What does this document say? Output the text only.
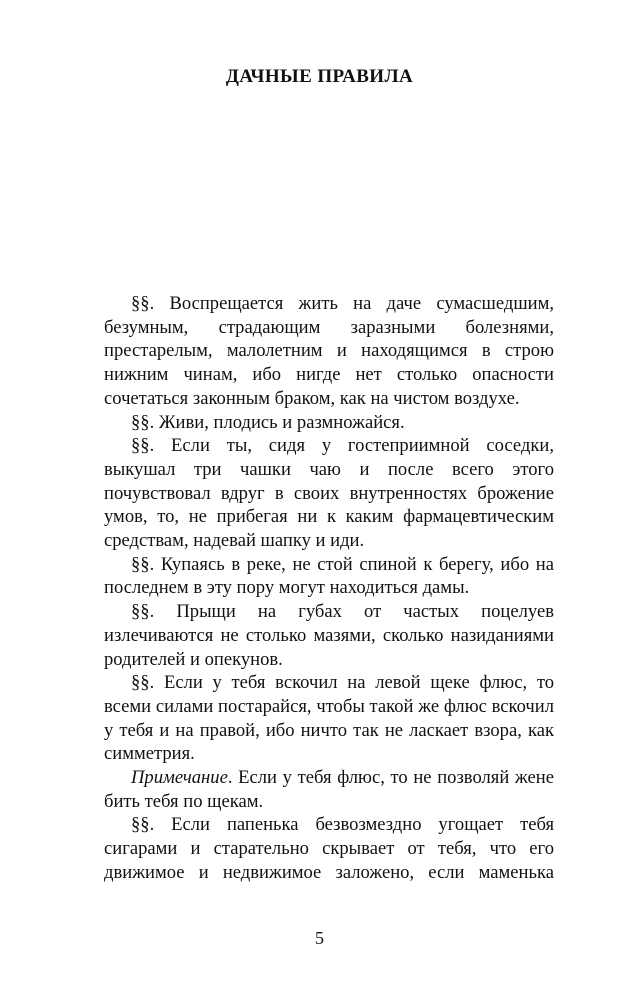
ДАЧНЫЕ ПРАВИЛА

§§. Воспрещается жить на даче сумасшедшим, безумным, страдающим заразными болезнями, престарелым, малолетним и находящимся в строю нижним чинам, ибо нигде нет столько опасности сочетаться законным браком, как на чистом воздухе.

§§. Живи, плодись и размножайся.

§§. Если ты, сидя у гостеприимной соседки, выкушал три чашки чаю и после всего этого почувствовал вдруг в своих внутренностях брожение умов, то, не прибегая ни к каким фармацевтическим средствам, надевай шапку и иди.

§§. Купаясь в реке, не стой спиной к берегу, ибо на последнем в эту пору могут находиться дамы.

§§. Прыщи на губах от частых поцелуев излечиваются не столько мазями, сколько назиданиями родителей и опекунов.

§§. Если у тебя вскочил на левой щеке флюс, то всеми силами постарайся, чтобы такой же флюс вскочил у тебя и на правой, ибо ничто так не ласкает взора, как симметрия.

Примечание. Если у тебя флюс, то не позволяй жене бить тебя по щекам.

§§. Если папенька безвозмездно угощает тебя сигарами и старательно скрывает от тебя, что его движимое и недвижимое заложено, если маменька

5
